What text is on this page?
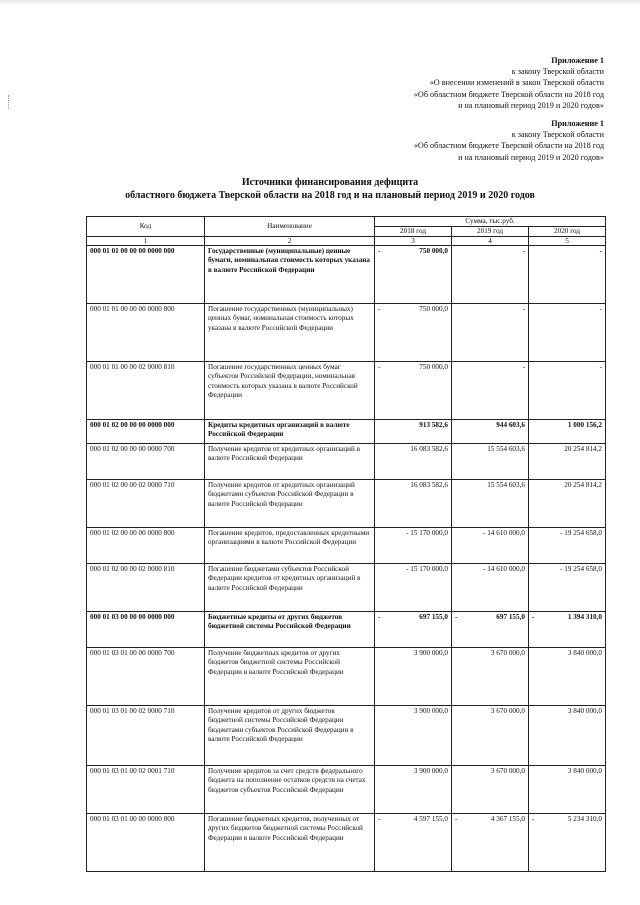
Приложение 1
к закону Тверской области
«О внесении изменений в закон Тверской области
«Об областном бюджете Тверской области на 2018 год
и на плановый период 2019 и 2020 годов»
Приложение 1
к закону Тверской области
«Об областном бюджете Тверской области на 2018 год
и на плановый период 2019 и 2020 годов»
Источники финансирования дефицита
областного бюджета Тверской области на 2018 год и на плановый период 2019 и 2020 годов
Код	Наименование	Сумма, тыс.руб.		
		2018 год	2019 год	2020 год
1	2	3	4	5
000 01 01 00 00 00 0000 000	Государственные (муниципальные) ценные бумаги, номинальная стоимость которых указана в валюте Российской Федерации	- 750 000,0	-	-
000 01 01 00 00 00 0000 800	Погашение государственных (муниципальных) ценных бумаг, номинальная стоимость которых указана в валюте Российской Федерации	- 750 000,0	-	-
000 01 01 00 00 02 0000 810	Погашение государственных ценных бумаг субъектов Российской Федерации, номинальная стоимость которых указана в валюте Российской Федерации	- 750 000,0	-	-
000 01 02 00 00 00 0000 000	Кредиты кредитных организаций в валюте Российской Федерации	913 582,6	944 603,6	1 000 156,2
000 01 02 00 00 00 0000 700	Получение кредитов от кредитных организаций в валюте Российской Федерации	16 083 582,6	15 554 603,6	20 254 814,2
000 01 02 00 00 02 0000 710	Получение кредитов от кредитных организаций бюджетами субъектов Российской Федерации в валюте Российской Федерации	16 083 582,6	15 554 603,6	20 254 814,2
000 01 02 00 00 00 0000 800	Погашение кредитов, предоставленных кредитными организациями в валюте Российской Федерации	- 15 170 000,0	- 14 610 000,0	- 19 254 658,0
000 01 02 00 00 02 0000 810	Погашение бюджетами субъектов Российской Федерации кредитов от кредитных организаций в валюте Российской Федерации	- 15 170 000,0	- 14 610 000,0	- 19 254 658,0
000 01 03 00 00 00 0000 000	Бюджетные кредиты от других бюджетов бюджетной системы Российской Федерации	- 697 155,0	- 697 155,0	- 1 394 310,0
000 01 03 01 00 00 0000 700	Получение бюджетных кредитов от других бюджетов бюджетной системы Российской Федерации в валюте Российской Федерации	3 900 000,0	3 670 000,0	3 840 000,0
000 01 03 01 00 02 0000 710	Получение кредитов от других бюджетов бюджетной системы Российской Федерации бюджетами субъектов Российской Федерации в валюте Российской Федерации	3 900 000,0	3 670 000,0	3 840 000,0
000 01 03 01 00 02 0001 710	Получение кредитов за счет средств федерального бюджета на пополнение остатков средств на счетах бюджетов субъектов Российской Федерации	3 900 000,0	3 670 000,0	3 840 000,0
000 01 03 01 00 00 0000 800	Погашение бюджетных кредитов, полученных от других бюджетов бюджетной системы Российской Федерации в валюте Российской Федерации	- 4 597 155,0	- 4 367 155,0	- 5 234 310,0
